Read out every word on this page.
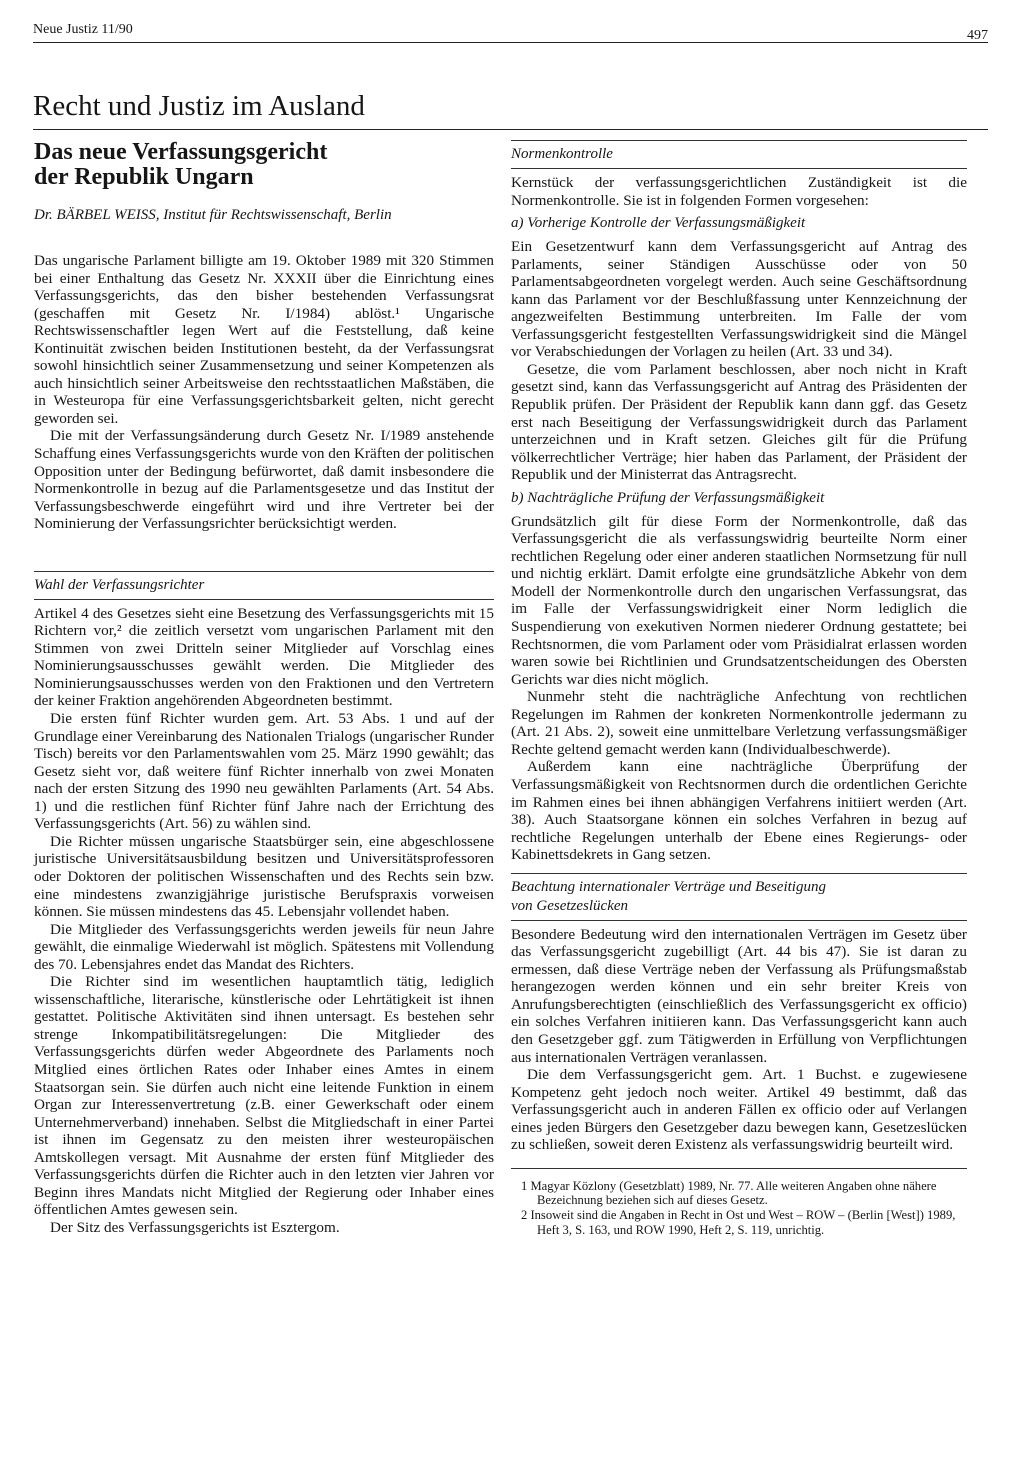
Neue Justiz 11/90	497
Recht und Justiz im Ausland
Das neue Verfassungsgericht
der Republik Ungarn
Dr. BÄRBEL WEISS, Institut für Rechtswissenschaft, Berlin

Das ungarische Parlament billigte am 19. Oktober 1989 mit 320 Stimmen bei einer Enthaltung das Gesetz Nr. XXXII über die Einrichtung eines Verfassungsgerichts, das den bisher bestehenden Verfassungsrat (geschaffen mit Gesetz Nr. I/1984) ablöst.¹ Ungarische Rechtswissenschaftler legen Wert auf die Feststellung, daß keine Kontinuität zwischen beiden Institutionen besteht, da der Verfassungsrat sowohl hinsichtlich seiner Zusammensetzung und seiner Kompetenzen als auch hinsichtlich seiner Arbeitsweise den rechtsstaatlichen Maßstäben, die in Westeuropa für eine Verfassungsgerichtsbarkeit gelten, nicht gerecht geworden sei.

Die mit der Verfassungsänderung durch Gesetz Nr. I/1989 anstehende Schaffung eines Verfassungsgerichts wurde von den Kräften der politischen Opposition unter der Bedingung befürwortet, daß damit insbesondere die Normenkontrolle in bezug auf die Parlamentsgesetze und das Institut der Verfassungsbeschwerde eingeführt wird und ihre Vertreter bei der Nominierung der Verfassungsrichter berücksichtigt werden.

Wahl der Verfassungsrichter

Artikel 4 des Gesetzes sieht eine Besetzung des Verfassungsgerichts mit 15 Richtern vor,² die zeitlich versetzt vom ungarischen Parlament mit den Stimmen von zwei Dritteln seiner Mitglieder auf Vorschlag eines Nominierungsausschusses gewählt werden. Die Mitglieder des Nominierungsausschusses werden von den Fraktionen und den Vertretern der keiner Fraktion angehörenden Abgeordneten bestimmt.

Die ersten fünf Richter wurden gem. Art. 53 Abs. 1 und auf der Grundlage einer Vereinbarung des Nationalen Trialogs (ungarischer Runder Tisch) bereits vor den Parlamentswahlen vom 25. März 1990 gewählt; das Gesetz sieht vor, daß weitere fünf Richter innerhalb von zwei Monaten nach der ersten Sitzung des 1990 neu gewählten Parlaments (Art. 54 Abs. 1) und die restlichen fünf Richter fünf Jahre nach der Errichtung des Verfassungsgerichts (Art. 56) zu wählen sind.

Die Richter müssen ungarische Staatsbürger sein, eine abgeschlossene juristische Universitätsausbildung besitzen und Universitätsprofessoren oder Doktoren der politischen Wissenschaften und des Rechts sein bzw. eine mindestens zwanzigjährige juristische Berufspraxis vorweisen können. Sie müssen mindestens das 45. Lebensjahr vollendet haben.

Die Mitglieder des Verfassungsgerichts werden jeweils für neun Jahre gewählt, die einmalige Wiederwahl ist möglich. Spätestens mit Vollendung des 70. Lebensjahres endet das Mandat des Richters.

Die Richter sind im wesentlichen hauptamtlich tätig, lediglich wissenschaftliche, literarische, künstlerische oder Lehrtätigkeit ist ihnen gestattet. Politische Aktivitäten sind ihnen untersagt. Es bestehen sehr strenge Inkompatibilitätsregelungen: Die Mitglieder des Verfassungsgerichts dürfen weder Abgeordnete des Parlaments noch Mitglied eines örtlichen Rates oder Inhaber eines Amtes in einem Staatsorgan sein. Sie dürfen auch nicht eine leitende Funktion in einem Organ zur Interessenvertretung (z.B. einer Gewerkschaft oder einem Unternehmerverband) innehaben. Selbst die Mitgliedschaft in einer Partei ist ihnen im Gegensatz zu den meisten ihrer westeuropäischen Amtskollegen versagt. Mit Ausnahme der ersten fünf Mitglieder des Verfassungsgerichts dürfen die Richter auch in den letzten vier Jahren vor Beginn ihres Mandats nicht Mitglied der Regierung oder Inhaber eines öffentlichen Amtes gewesen sein.

Der Sitz des Verfassungsgerichts ist Esztergom.

Normenkontrolle

Kernstück der verfassungsgerichtlichen Zuständigkeit ist die Normenkontrolle. Sie ist in folgenden Formen vorgesehen:

a) Vorherige Kontrolle der Verfassungsmäßigkeit

Ein Gesetzentwurf kann dem Verfassungsgericht auf Antrag des Parlaments, seiner Ständigen Ausschüsse oder von 50 Parlamentsabgeordneten vorgelegt werden. Auch seine Geschäftsordnung kann das Parlament vor der Beschlußfassung unter Kennzeichnung der angezweifelten Bestimmung unterbreiten. Im Falle der vom Verfassungsgericht festgestellten Verfassungswidrigkeit sind die Mängel vor Verabschiedungen der Vorlagen zu heilen (Art. 33 und 34).

Gesetze, die vom Parlament beschlossen, aber noch nicht in Kraft gesetzt sind, kann das Verfassungsgericht auf Antrag des Präsidenten der Republik prüfen. Der Präsident der Republik kann dann ggf. das Gesetz erst nach Beseitigung der Verfassungswidrigkeit durch das Parlament unterzeichnen und in Kraft setzen. Gleiches gilt für die Prüfung völkerrechtlicher Verträge; hier haben das Parlament, der Präsident der Republik und der Ministerrat das Antragsrecht.

b) Nachträgliche Prüfung der Verfassungsmäßigkeit

Grundsätzlich gilt für diese Form der Normenkontrolle, daß das Verfassungsgericht die als verfassungswidrig beurteilte Norm einer rechtlichen Regelung oder einer anderen staatlichen Normsetzung für null und nichtig erklärt. Damit erfolgte eine grundsätzliche Abkehr von dem Modell der Normenkontrolle durch den ungarischen Verfassungsrat, das im Falle der Verfassungswidrigkeit einer Norm lediglich die Suspendierung von exekutiven Normen niederer Ordnung gestattete; bei Rechtsnormen, die vom Parlament oder vom Präsidialrat erlassen worden waren sowie bei Richtlinien und Grundsatzentscheidungen des Obersten Gerichts war dies nicht möglich.

Nunmehr steht die nachträgliche Anfechtung von rechtlichen Regelungen im Rahmen der konkreten Normenkontrolle jedermann zu (Art. 21 Abs. 2), soweit eine unmittelbare Verletzung verfassungsmäßiger Rechte geltend gemacht werden kann (Individualbeschwerde).

Außerdem kann eine nachträgliche Überprüfung der Verfassungsmäßigkeit von Rechtsnormen durch die ordentlichen Gerichte im Rahmen eines bei ihnen abhängigen Verfahrens initiiert werden (Art. 38). Auch Staatsorgane können ein solches Verfahren in bezug auf rechtliche Regelungen unterhalb der Ebene eines Regierungs- oder Kabinettsdekrets in Gang setzen.

Beachtung internationaler Verträge und Beseitigung
von Gesetzeslücken

Besondere Bedeutung wird den internationalen Verträgen im Gesetz über das Verfassungsgericht zugebilligt (Art. 44 bis 47). Sie ist daran zu ermessen, daß diese Verträge neben der Verfassung als Prüfungsmaßstab herangezogen werden können und ein sehr breiter Kreis von Anrufungsberechtigten (einschließlich des Verfassungsgericht ex officio) ein solches Verfahren initiieren kann. Das Verfassungsgericht kann auch den Gesetzgeber ggf. zum Tätigwerden in Erfüllung von Verpflichtungen aus internationalen Verträgen veranlassen.

Die dem Verfassungsgericht gem. Art. 1 Buchst. e zugewiesene Kompetenz geht jedoch noch weiter. Artikel 49 bestimmt, daß das Verfassungsgericht auch in anderen Fällen ex officio oder auf Verlangen eines jeden Bürgers den Gesetzgeber dazu bewegen kann, Gesetzeslücken zu schließen, soweit deren Existenz als verfassungswidrig beurteilt wird.

1 Magyar Közlony (Gesetzblatt) 1989, Nr. 77. Alle weiteren Angaben ohne nähere Bezeichnung beziehen sich auf dieses Gesetz.

2 Insoweit sind die Angaben in Recht in Ost und West – ROW – (Berlin [West]) 1989, Heft 3, S. 163, und ROW 1990, Heft 2, S. 119, unrichtig.
